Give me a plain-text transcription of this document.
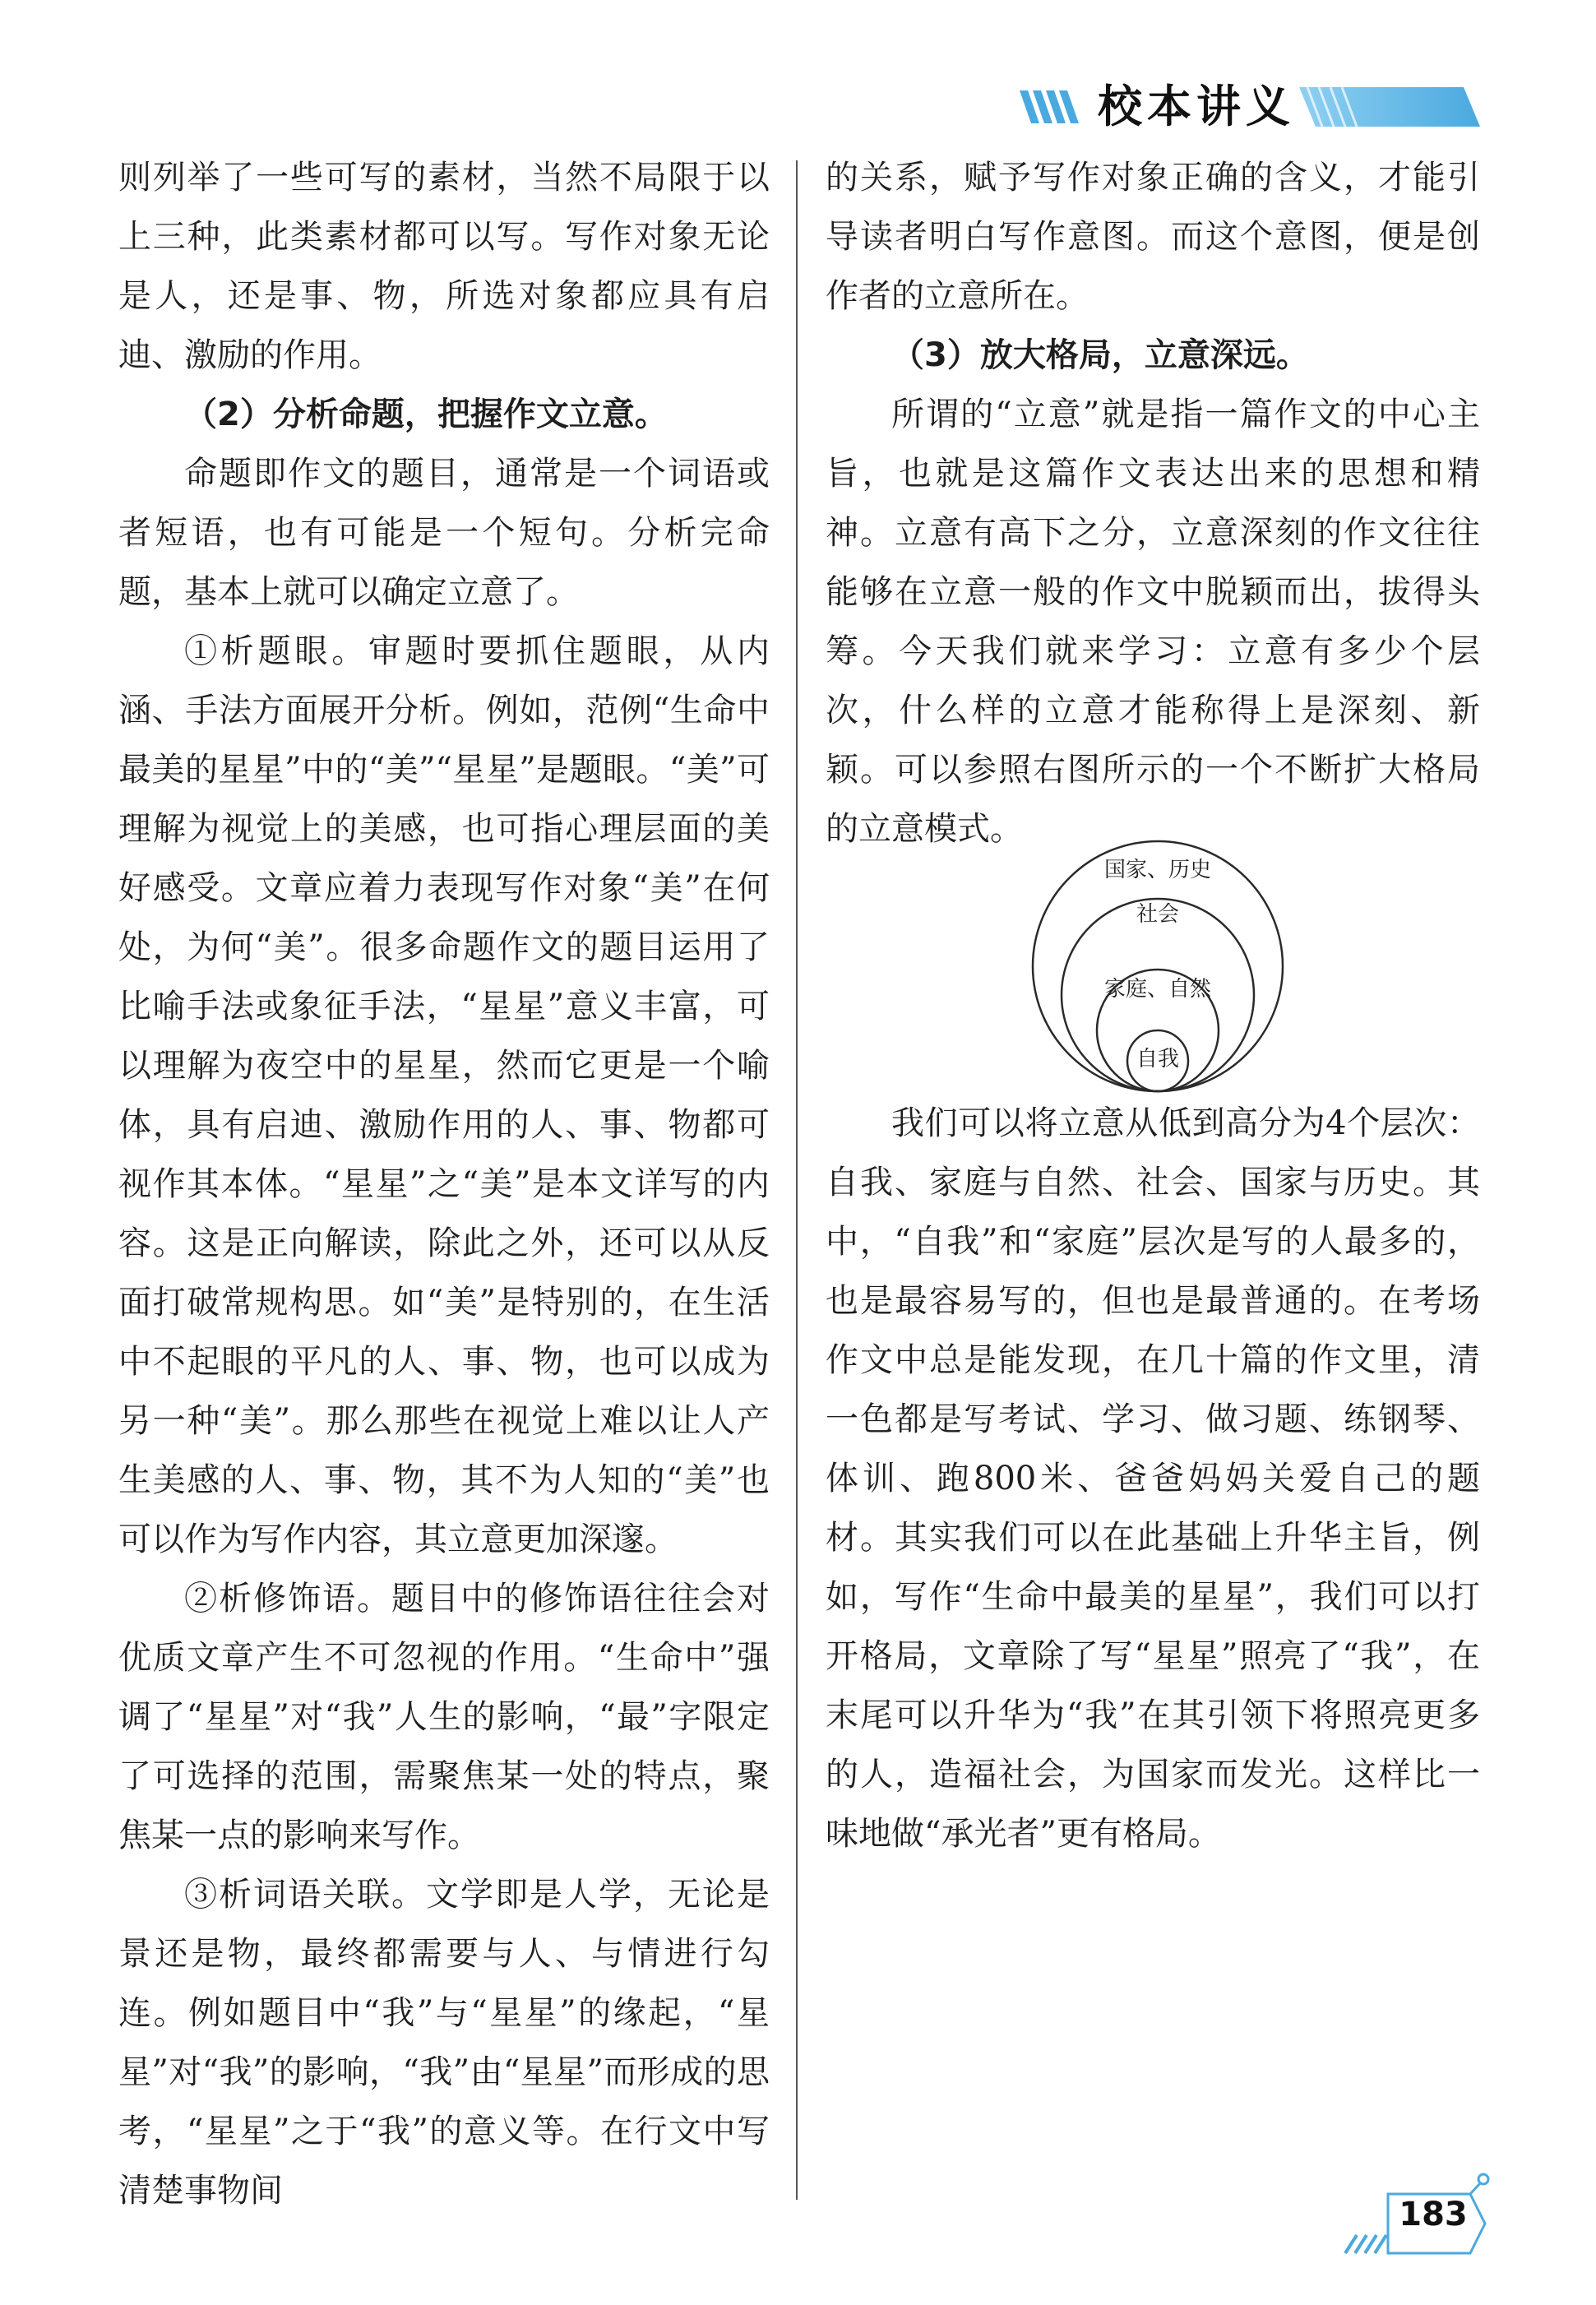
校本讲义

则列举了一些可写的素材，当然不局限于以上三种，此类素材都可以写。写作对象无论是人，还是事、物，所选对象都应具有启迪、激励的作用。

（2）分析命题，把握作文立意。

命题即作文的题目，通常是一个词语或者短语，也有可能是一个短句。分析完命题，基本上就可以确定立意了。

①析题眼。审题时要抓住题眼，从内涵、手法方面展开分析。例如，范例“生命中最美的星星”中的“美”“星星”是题眼。“美”可理解为视觉上的美感，也可指心理层面的美好感受。文章应着力表现写作对象“美”在何处，为何“美”。很多命题作文的题目运用了比喻手法或象征手法，“星星”意义丰富，可以理解为夜空中的星星，然而它更是一个喻体，具有启迪、激励作用的人、事、物都可视作其本体。“星星”之“美”是本文详写的内容。这是正向解读，除此之外，还可以从反面打破常规构思。如“美”是特别的，在生活中不起眼的平凡的人、事、物，也可以成为另一种“美”。那么那些在视觉上难以让人产生美感的人、事、物，其不为人知的“美”也可以作为写作内容，其立意更加深邃。

②析修饰语。题目中的修饰语往往会对优质文章产生不可忽视的作用。“生命中”强调了“星星”对“我”人生的影响，“最”字限定了可选择的范围，需聚焦某一处的特点，聚焦某一点的影响来写作。

③析词语关联。文学即是人学，无论是景还是物，最终都需要与人、与情进行勾连。例如题目中“我”与“星星”的缘起，“星星”对“我”的影响，“我”由“星星”而形成的思考，“星星”之于“我”的意义等。在行文中写清楚事物间

的关系，赋予写作对象正确的含义，才能引导读者明白写作意图。而这个意图，便是创作者的立意所在。

（3）放大格局，立意深远。

所谓的“立意”就是指一篇作文的中心主旨，也就是这篇作文表达出来的思想和精神。立意有高下之分，立意深刻的作文往往能够在立意一般的作文中脱颖而出，拔得头筹。今天我们就来学习：立意有多少个层次，什么样的立意才能称得上是深刻、新颖。可以参照右图所示的一个不断扩大格局的立意模式。

国家、历史
社会
家庭、自然
自我

我们可以将立意从低到高分为4个层次：自我、家庭与自然、社会、国家与历史。其中，“自我”和“家庭”层次是写的人最多的，也是最容易写的，但也是最普通的。在考场作文中总是能发现，在几十篇的作文里，清一色都是写考试、学习、做习题、练钢琴、体训、跑800米、爸爸妈妈关爱自己的题材。其实我们可以在此基础上升华主旨，例如，写作“生命中最美的星星”，我们可以打开格局，文章除了写“星星”照亮了“我”，在末尾可以升华为“我”在其引领下将照亮更多的人，造福社会，为国家而发光。这样比一味地做“承光者”更有格局。

183
